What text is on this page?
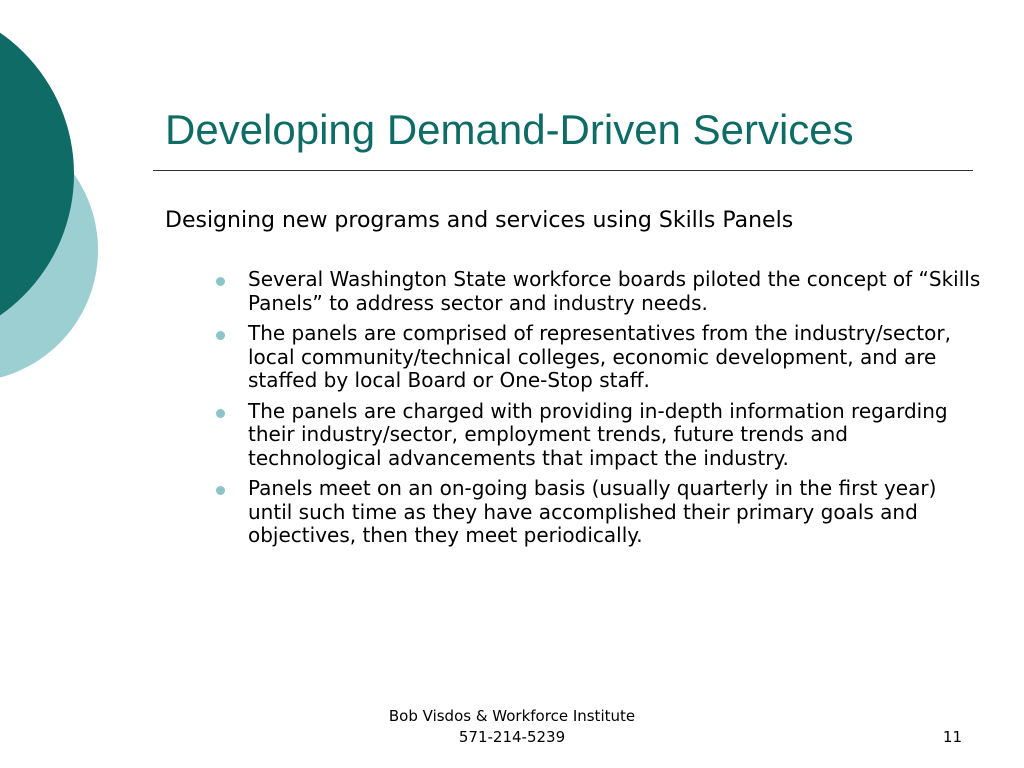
Developing Demand-Driven Services

Designing new programs and services using Skills Panels

Several Washington State workforce boards piloted the concept of “Skills Panels” to address sector and industry needs.
The panels are comprised of representatives from the industry/sector, local community/technical colleges, economic development, and are staffed by local Board or One-Stop staff.
The panels are charged with providing in-depth information regarding their industry/sector, employment trends, future trends and technological advancements that impact the industry.
Panels meet on an on-going basis (usually quarterly in the first year) until such time as they have accomplished their primary goals and objectives, then they meet periodically.
Bob Visdos & Workforce Institute
571-214-5239	11
